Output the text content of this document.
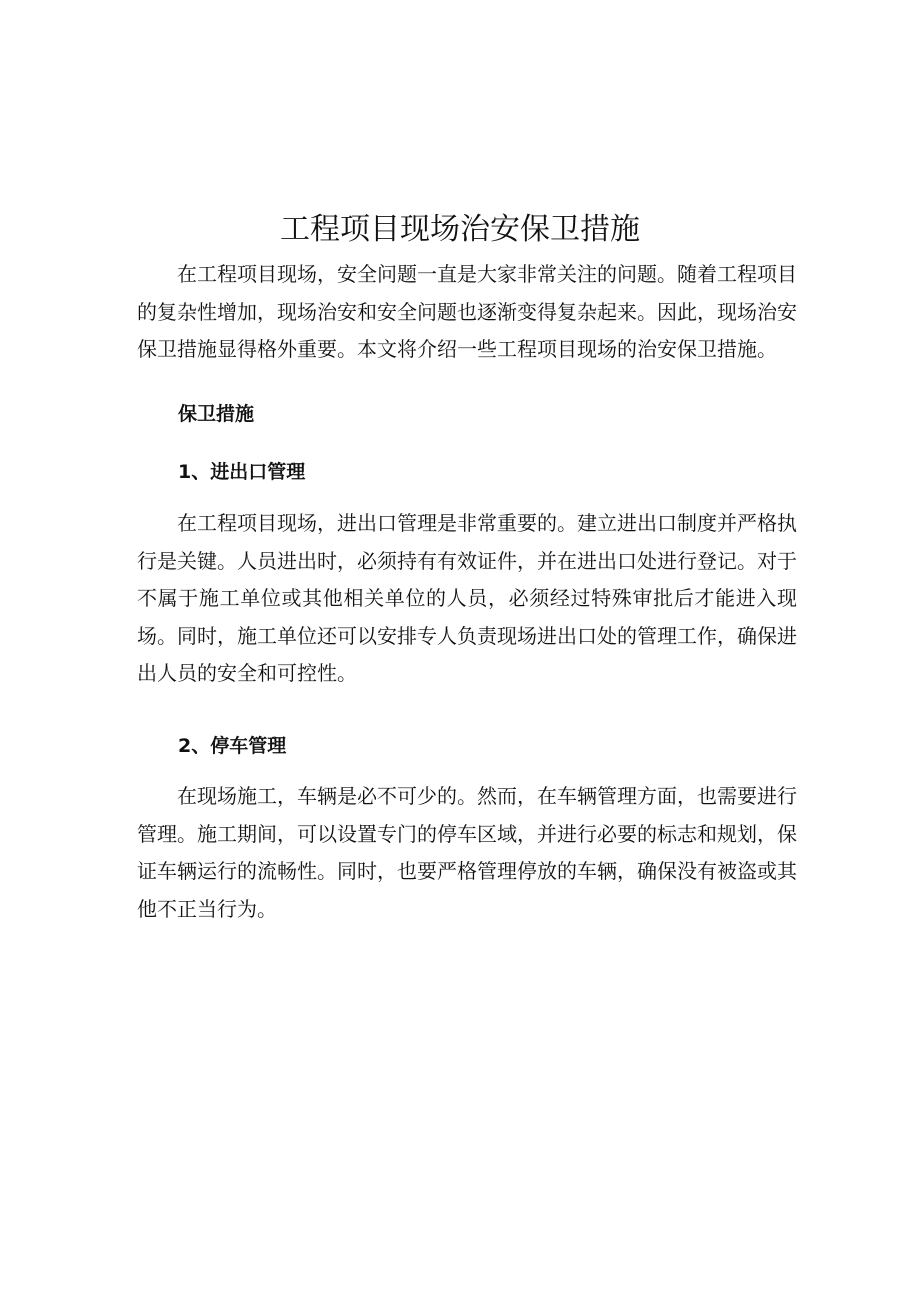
工程项目现场治安保卫措施

在工程项目现场，安全问题一直是大家非常关注的问题。随着工程项目的复杂性增加，现场治安和安全问题也逐渐变得复杂起来。因此，现场治安保卫措施显得格外重要。本文将介绍一些工程项目现场的治安保卫措施。

保卫措施
1、进出口管理

在工程项目现场，进出口管理是非常重要的。建立进出口制度并严格执行是关键。人员进出时，必须持有有效证件，并在进出口处进行登记。对于不属于施工单位或其他相关单位的人员，必须经过特殊审批后才能进入现场。同时，施工单位还可以安排专人负责现场进出口处的管理工作，确保进出人员的安全和可控性。

2、停车管理

在现场施工，车辆是必不可少的。然而，在车辆管理方面，也需要进行管理。施工期间，可以设置专门的停车区域，并进行必要的标志和规划，保证车辆运行的流畅性。同时，也要严格管理停放的车辆，确保没有被盗或其他不正当行为。
